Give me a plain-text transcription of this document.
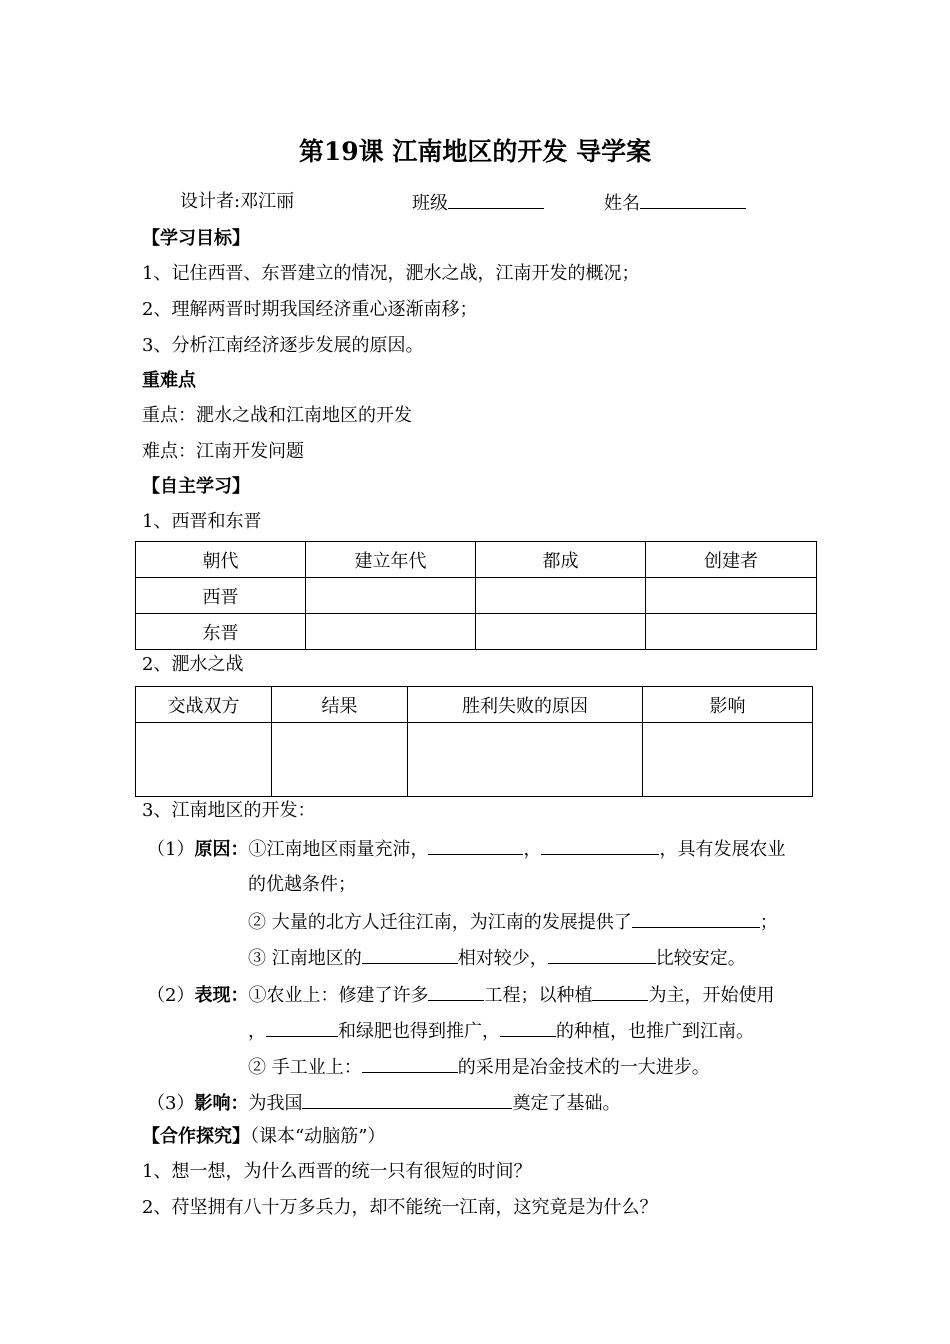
第19课 江南地区的开发 导学案
设计者:邓江丽	班级	姓名
【学习目标】
1、记住西晋、东晋建立的情况，淝水之战，江南开发的概况；
2、理解两晋时期我国经济重心逐渐南移；
3、分析江南经济逐步发展的原因。
重难点
重点：淝水之战和江南地区的开发
难点：江南开发问题
【自主学习】
1、西晋和东晋
朝代	建立年代	都成	创建者
西晋			
东晋			
2、淝水之战
交战双方	结果	胜利失败的原因	影响

3、江南地区的开发：
（1）原因：①江南地区雨量充沛，	，	，具有发展农业
的优越条件；
② 大量的北方人迁往江南，为江南的发展提供了	；
③ 江南地区的	相对较少，	比较安定。
（2）表现：①农业上：修建了许多	工程；以种植	为主，开始使用
，	和绿肥也得到推广，	的种植，也推广到江南。
② 手工业上：	的采用是冶金技术的一大进步。
（3）影响：为我国	奠定了基础。
【合作探究】（课本“动脑筋”）
1、想一想，为什么西晋的统一只有很短的时间？
2、苻坚拥有八十万多兵力，却不能统一江南，这究竟是为什么？
